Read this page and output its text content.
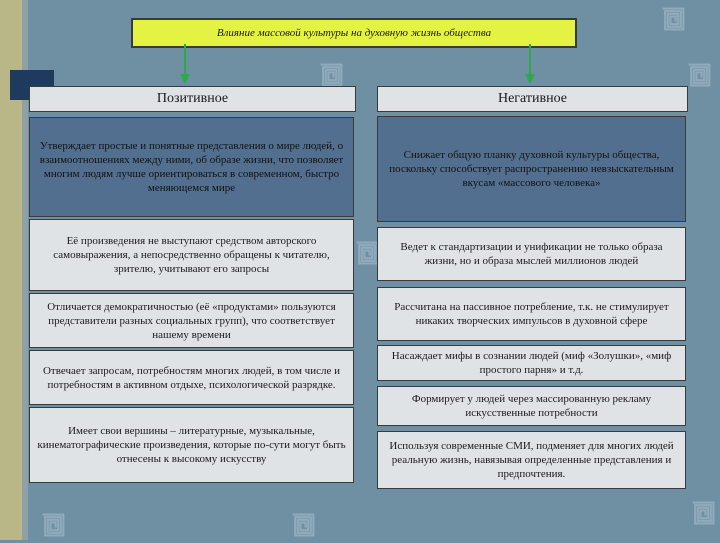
Влияние массовой культуры на духовную жизнь общества
Позитивное	Негативное
Утверждает простые и понятные представления о мире людей, о взаимоотношениях между ними, об образе жизни, что позволяет многим людям лучше ориентироваться в современном, быстро меняющемся мире
Её произведения не выступают средством авторского самовыражения, а непосредственно обращены к читателю, зрителю, учитывают его запросы
Отличается демократичностью (её «продуктами» пользуются представители разных социальных групп), что соответствует нашему времени
Отвечает запросам, потребностям многих людей, в том числе и потребностям в активном отдыхе, психологической разрядке.
Имеет свои вершины – литературные, музыкальные, кинематографические произведения, которые по-сути могут быть отнесены к высокому искусству
Снижает общую планку духовной культуры общества, поскольку способствует распространению невзыскательным вкусам «массового человека»
Ведет к стандартизации и унификации не только образа жизни, но и образа мыслей миллионов людей
Рассчитана на пассивное потребление, т.к. не стимулирует никаких творческих импульсов в духовной сфере
Насаждает мифы в сознании людей (миф «Золушки», «миф простого парня» и т.д.
Формирует у людей через массированную рекламу искусственные потребности
Используя современные СМИ, подменяет для многих людей реальную жизнь, навязывая определенные представления и предпочтения.
